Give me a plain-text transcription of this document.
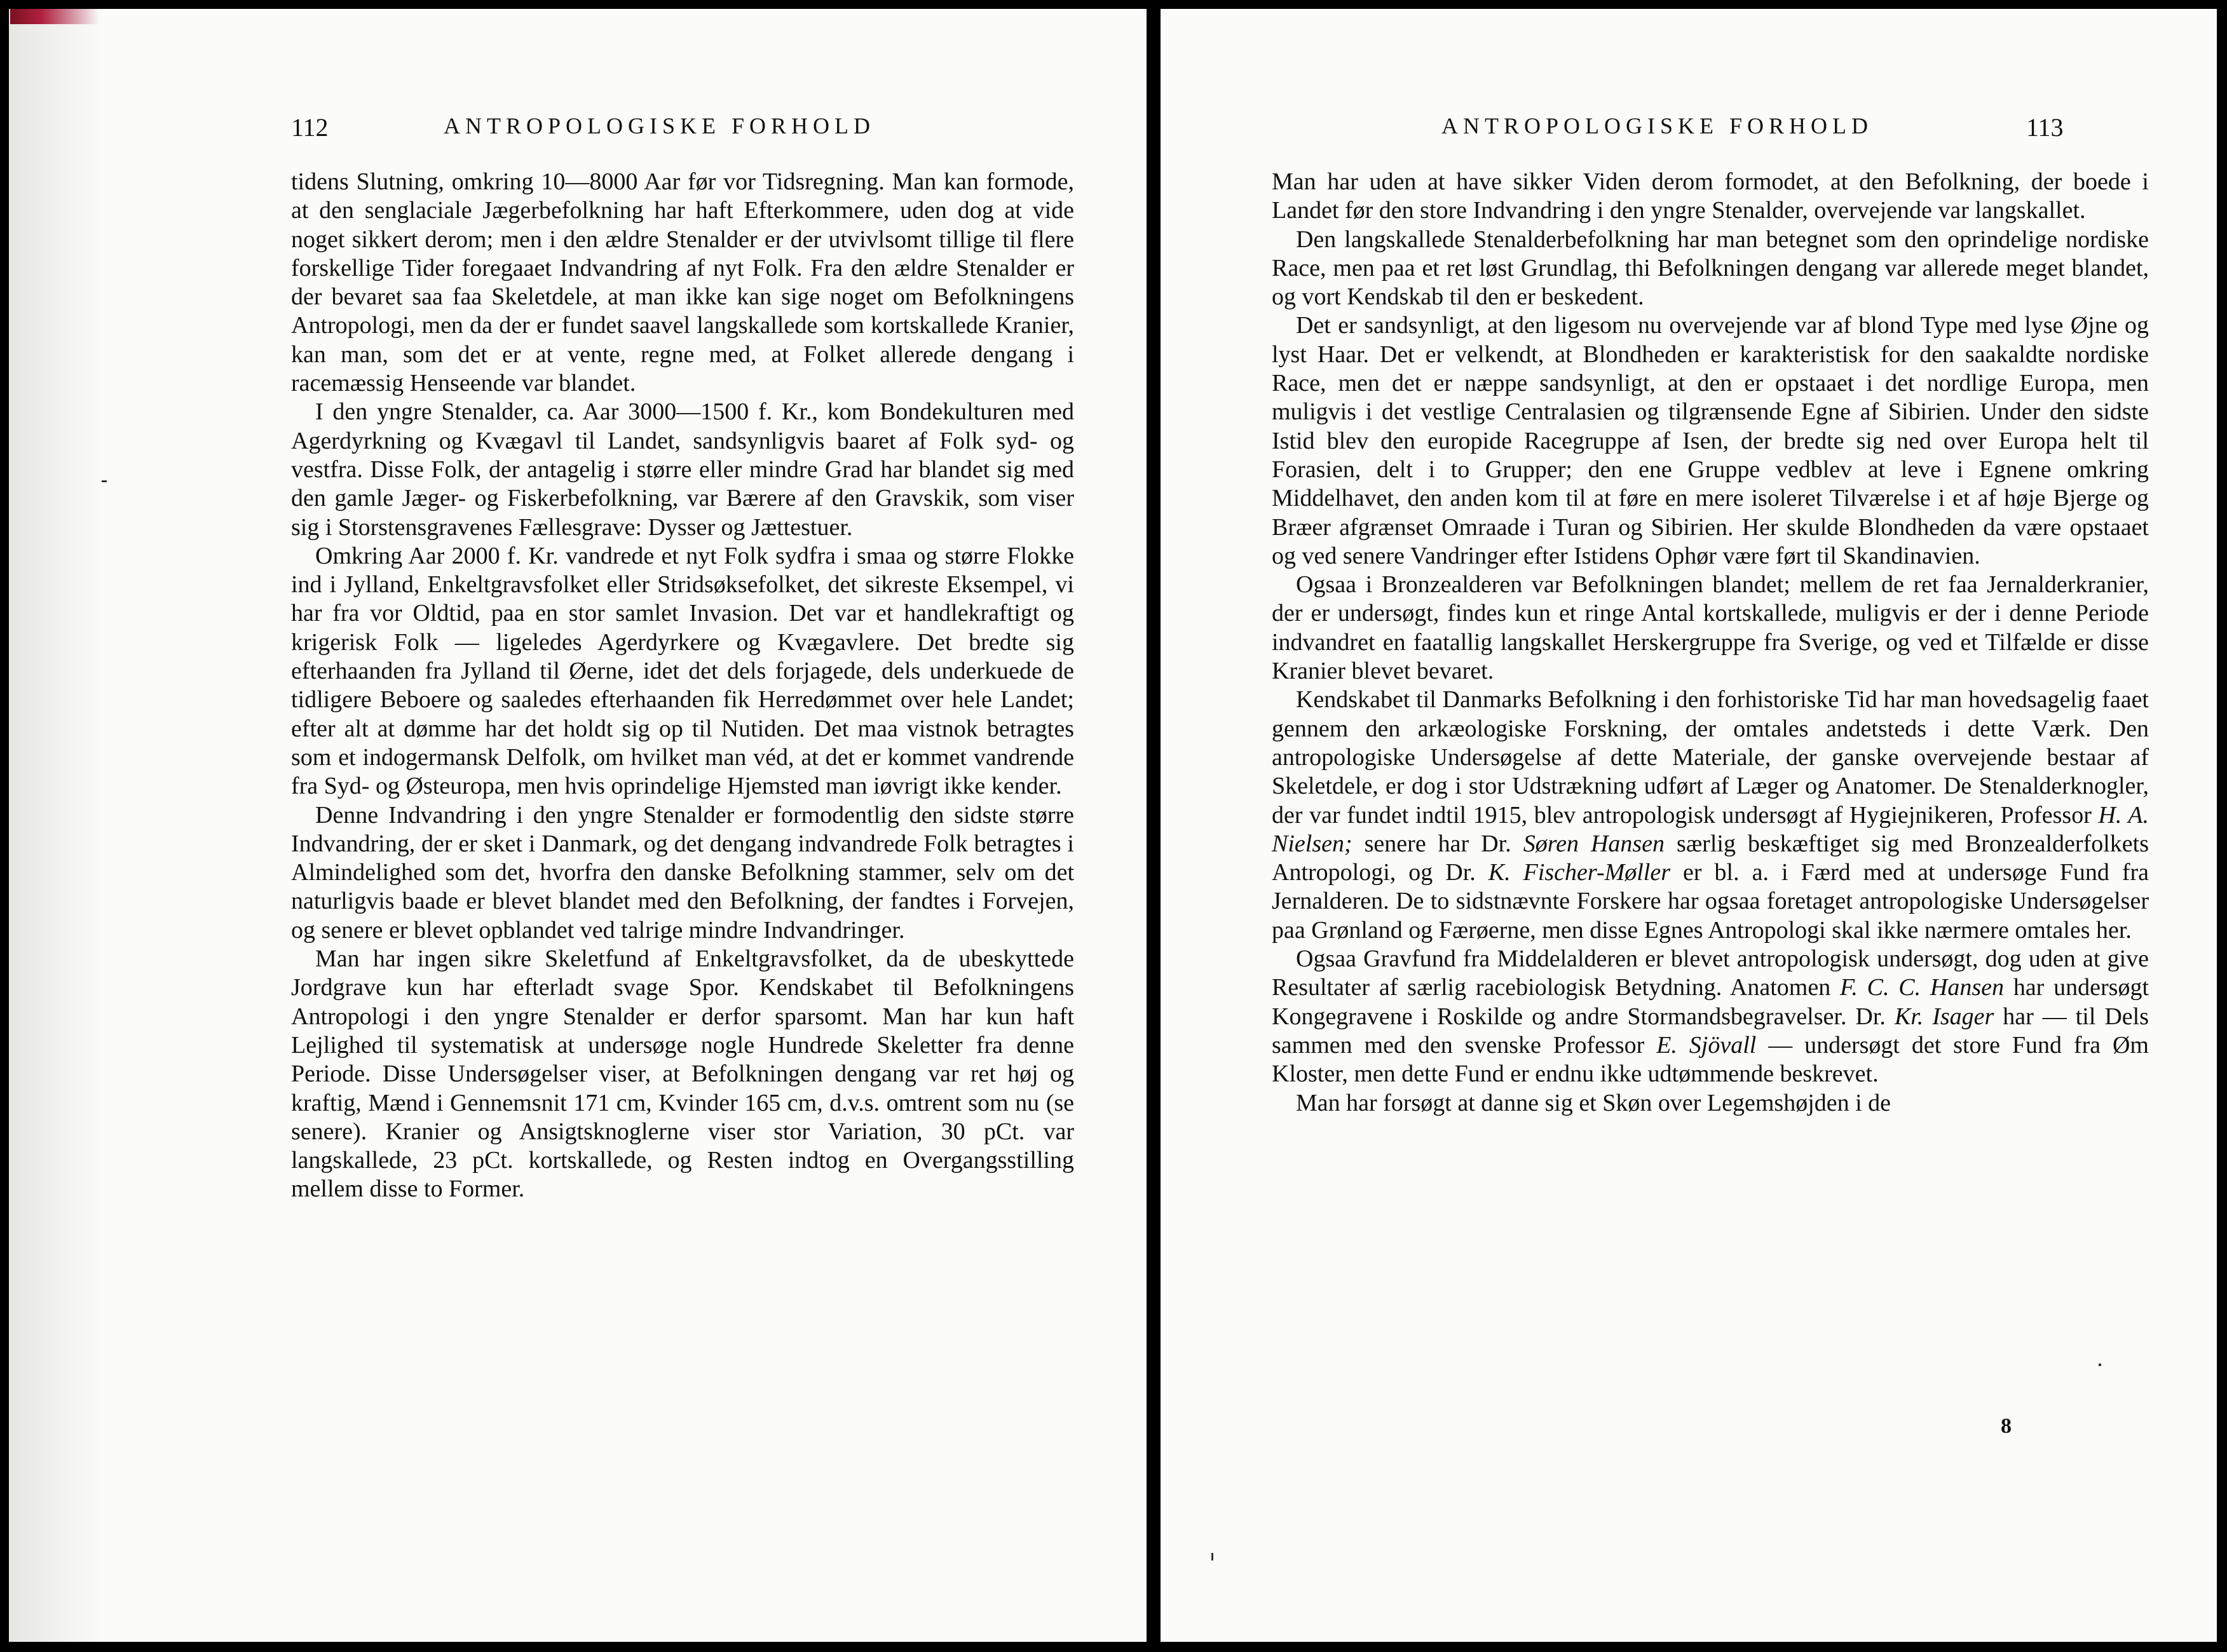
112	ANTROPOLOGISKE FORHOLD

tidens Slutning, omkring 10—8000 Aar før vor Tidsregning. Man kan formode, at den senglaciale Jægerbefolkning har haft Efterkommere, uden dog at vide noget sikkert derom; men i den ældre Stenalder er der utvivlsomt tillige til flere forskellige Tider foregaaet Indvandring af nyt Folk. Fra den ældre Stenalder er der bevaret saa faa Skeletdele, at man ikke kan sige noget om Befolkningens Antropologi, men da der er fundet saavel langskallede som kortskallede Kranier, kan man, som det er at vente, regne med, at Folket allerede dengang i racemæssig Henseende var blandet.

I den yngre Stenalder, ca. Aar 3000—1500 f. Kr., kom Bondekulturen med Agerdyrkning og Kvægavl til Landet, sandsynligvis baaret af Folk syd- og vestfra. Disse Folk, der antagelig i større eller mindre Grad har blandet sig med den gamle Jæger- og Fiskerbefolkning, var Bærere af den Gravskik, som viser sig i Storstensgravenes Fællesgrave: Dysser og Jættestuer.

Omkring Aar 2000 f. Kr. vandrede et nyt Folk sydfra i smaa og større Flokke ind i Jylland, Enkeltgravsfolket eller Stridsøksefolket, det sikreste Eksempel, vi har fra vor Oldtid, paa en stor samlet Invasion. Det var et handlekraftigt og krigerisk Folk — ligeledes Agerdyrkere og Kvægavlere. Det bredte sig efterhaanden fra Jylland til Øerne, idet det dels forjagede, dels underkuede de tidligere Beboere og saaledes efterhaanden fik Herredømmet over hele Landet; efter alt at dømme har det holdt sig op til Nutiden. Det maa vistnok betragtes som et indogermansk Delfolk, om hvilket man véd, at det er kommet vandrende fra Syd- og Østeuropa, men hvis oprindelige Hjemsted man iøvrigt ikke kender.

Denne Indvandring i den yngre Stenalder er formodentlig den sidste større Indvandring, der er sket i Danmark, og det dengang indvandrede Folk betragtes i Almindelighed som det, hvorfra den danske Befolkning stammer, selv om det naturligvis baade er blevet blandet med den Befolkning, der fandtes i Forvejen, og senere er blevet opblandet ved talrige mindre Indvandringer.

Man har ingen sikre Skeletfund af Enkeltgravsfolket, da de ubeskyttede Jordgrave kun har efterladt svage Spor. Kendskabet til Befolkningens Antropologi i den yngre Stenalder er derfor sparsomt. Man har kun haft Lejlighed til systematisk at undersøge nogle Hundrede Skeletter fra denne Periode. Disse Undersøgelser viser, at Befolkningen dengang var ret høj og kraftig, Mænd i Gennemsnit 171 cm, Kvinder 165 cm, d.v.s. omtrent som nu (se senere). Kranier og Ansigtsknoglerne viser stor Variation, 30 pCt. var langskallede, 23 pCt. kortskallede, og Resten indtog en Overgangsstilling mellem disse to Former.

ANTROPOLOGISKE FORHOLD	113

Man har uden at have sikker Viden derom formodet, at den Befolkning, der boede i Landet før den store Indvandring i den yngre Stenalder, overvejende var langskallet.

Den langskallede Stenalderbefolkning har man betegnet som den oprindelige nordiske Race, men paa et ret løst Grundlag, thi Befolkningen dengang var allerede meget blandet, og vort Kendskab til den er beskedent.

Det er sandsynligt, at den ligesom nu overvejende var af blond Type med lyse Øjne og lyst Haar. Det er velkendt, at Blondheden er karakteristisk for den saakaldte nordiske Race, men det er næppe sandsynligt, at den er opstaaet i det nordlige Europa, men muligvis i det vestlige Centralasien og tilgrænsende Egne af Sibirien. Under den sidste Istid blev den europide Racegruppe af Isen, der bredte sig ned over Europa helt til Forasien, delt i to Grupper; den ene Gruppe vedblev at leve i Egnene omkring Middelhavet, den anden kom til at føre en mere isoleret Tilværelse i et af høje Bjerge og Bræer afgrænset Omraade i Turan og Sibirien. Her skulde Blondheden da være opstaaet og ved senere Vandringer efter Istidens Ophør være ført til Skandinavien.

Ogsaa i Bronzealderen var Befolkningen blandet; mellem de ret faa Jernalderkranier, der er undersøgt, findes kun et ringe Antal kortskallede, muligvis er der i denne Periode indvandret en faatallig langskallet Herskergruppe fra Sverige, og ved et Tilfælde er disse Kranier blevet bevaret.

Kendskabet til Danmarks Befolkning i den forhistoriske Tid har man hovedsagelig faaet gennem den arkæologiske Forskning, der omtales andetsteds i dette Værk. Den antropologiske Undersøgelse af dette Materiale, der ganske overvejende bestaar af Skeletdele, er dog i stor Udstrækning udført af Læger og Anatomer. De Stenalderknogler, der var fundet indtil 1915, blev antropologisk undersøgt af Hygiejnikeren, Professor H. A. Nielsen; senere har Dr. Søren Hansen særlig beskæftiget sig med Bronzealderfolkets Antropologi, og Dr. K. Fischer-Møller er bl. a. i Færd med at undersøge Fund fra Jernalderen. De to sidstnævnte Forskere har ogsaa foretaget antropologiske Undersøgelser paa Grønland og Færøerne, men disse Egnes Antropologi skal ikke nærmere omtales her.

Ogsaa Gravfund fra Middelalderen er blevet antropologisk undersøgt, dog uden at give Resultater af særlig racebiologisk Betydning. Anatomen F. C. C. Hansen har undersøgt Kongegravene i Roskilde og andre Stormandsbegravelser. Dr. Kr. Isager har — til Dels sammen med den svenske Professor E. Sjövall — undersøgt det store Fund fra Øm Kloster, men dette Fund er endnu ikke udtømmende beskrevet.

Man har forsøgt at danne sig et Skøn over Legemshøjden i de

8
